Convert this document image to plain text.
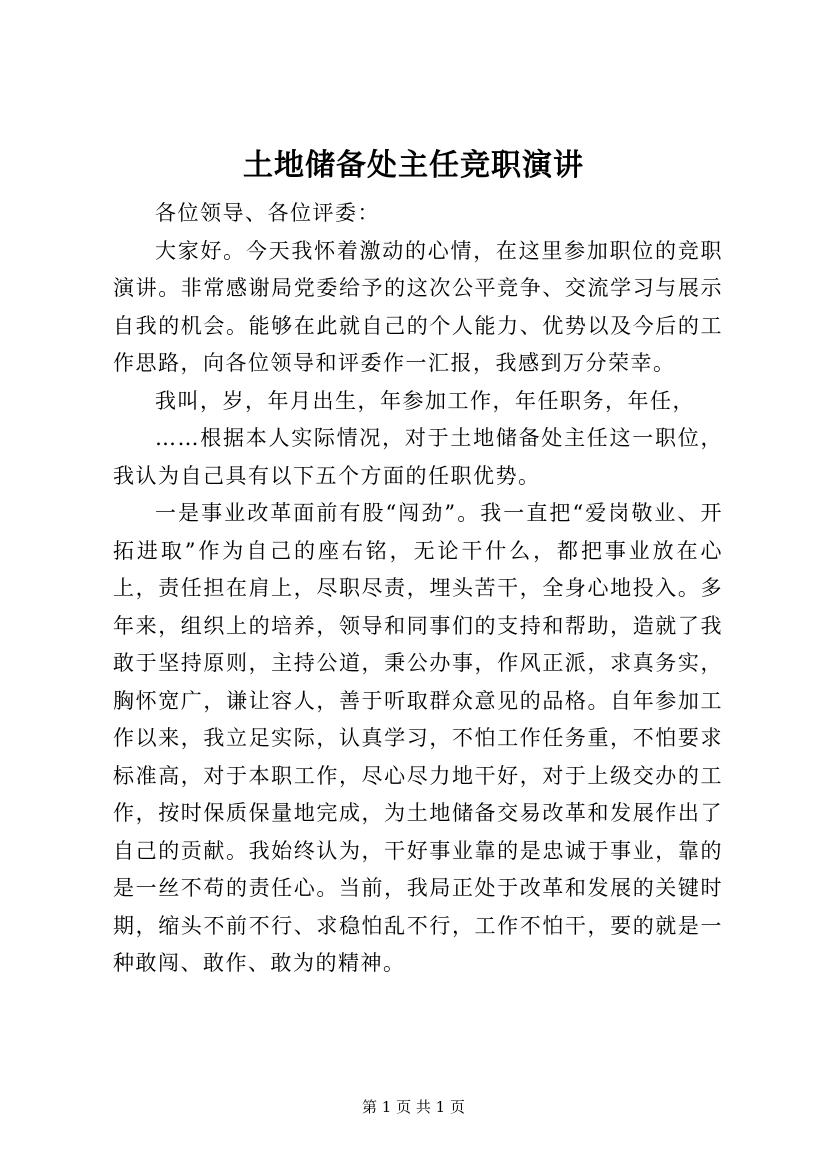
土地储备处主任竞职演讲

各位领导、各位评委：

大家好。今天我怀着激动的心情，在这里参加职位的竞职演讲。非常感谢局党委给予的这次公平竞争、交流学习与展示自我的机会。能够在此就自己的个人能力、优势以及今后的工作思路，向各位领导和评委作一汇报，我感到万分荣幸。

我叫，岁，年月出生，年参加工作，年任职务，年任，

……根据本人实际情况，对于土地储备处主任这一职位，我认为自己具有以下五个方面的任职优势。

一是事业改革面前有股“闯劲”。我一直把“爱岗敬业、开拓进取”作为自己的座右铭，无论干什么，都把事业放在心上，责任担在肩上，尽职尽责，埋头苦干，全身心地投入。多年来，组织上的培养，领导和同事们的支持和帮助，造就了我敢于坚持原则，主持公道，秉公办事，作风正派，求真务实，胸怀宽广，谦让容人，善于听取群众意见的品格。自年参加工作以来，我立足实际，认真学习，不怕工作任务重，不怕要求标准高，对于本职工作，尽心尽力地干好，对于上级交办的工作，按时保质保量地完成，为土地储备交易改革和发展作出了自己的贡献。我始终认为，干好事业靠的是忠诚于事业，靠的是一丝不苟的责任心。当前，我局正处于改革和发展的关键时期，缩头不前不行、求稳怕乱不行，工作不怕干，要的就是一种敢闯、敢作、敢为的精神。

第 1 页 共 1 页
